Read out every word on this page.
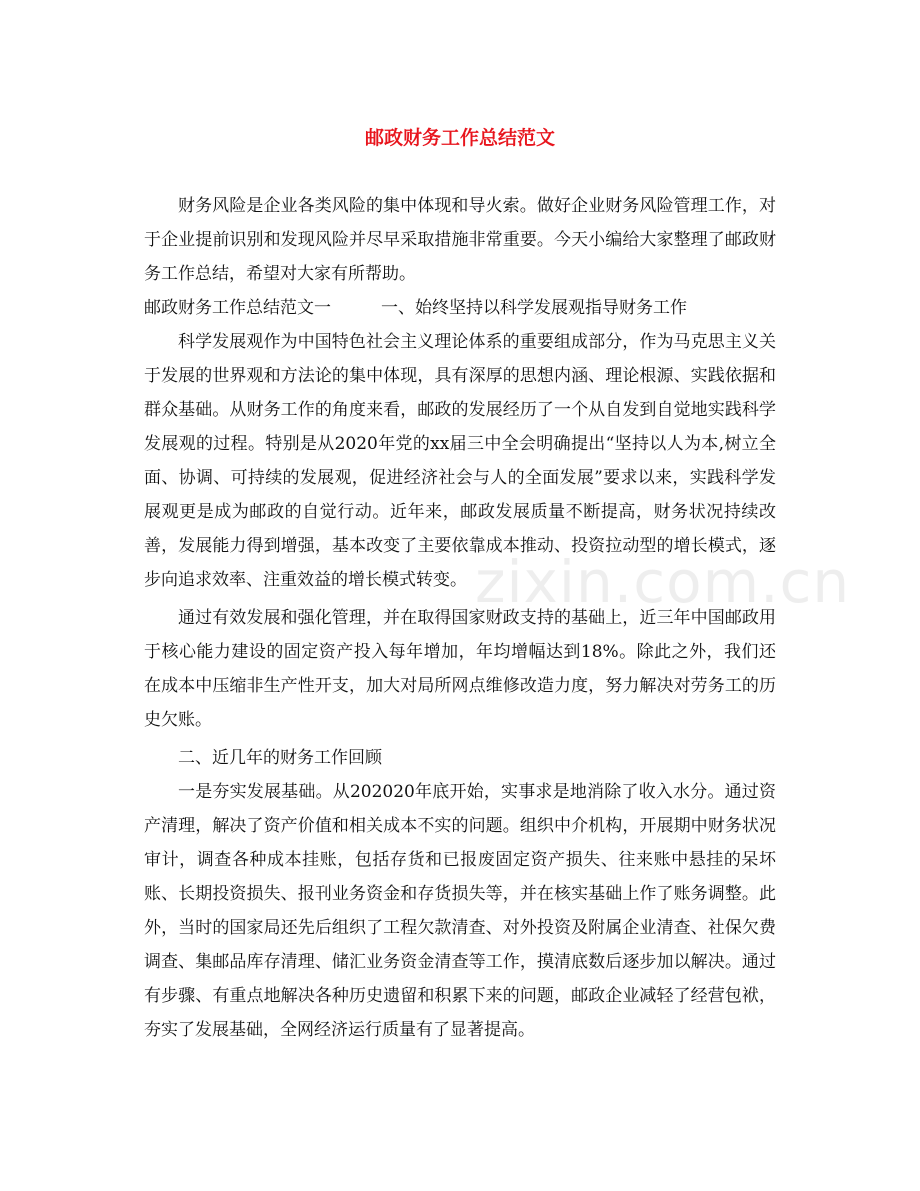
邮政财务工作总结范文
zixin.com.cn

财务风险是企业各类风险的集中体现和导火索。做好企业财务风险管理工作，对于企业提前识别和发现风险并尽早采取措施非常重要。今天小编给大家整理了邮政财务工作总结，希望对大家有所帮助。

邮政财务工作总结范文一	一、始终坚持以科学发展观指导财务工作

科学发展观作为中国特色社会主义理论体系的重要组成部分，作为马克思主义关于发展的世界观和方法论的集中体现，具有深厚的思想内涵、理论根源、实践依据和群众基础。从财务工作的角度来看，邮政的发展经历了一个从自发到自觉地实践科学发展观的过程。特别是从2020年党的xx届三中全会明确提出“坚持以人为本,树立全面、协调、可持续的发展观，促进经济社会与人的全面发展”要求以来，实践科学发展观更是成为邮政的自觉行动。近年来，邮政发展质量不断提高，财务状况持续改善，发展能力得到增强，基本改变了主要依靠成本推动、投资拉动型的增长模式，逐步向追求效率、注重效益的增长模式转变。

通过有效发展和强化管理，并在取得国家财政支持的基础上，近三年中国邮政用于核心能力建设的固定资产投入每年增加，年均增幅达到18%。除此之外，我们还在成本中压缩非生产性开支，加大对局所网点维修改造力度，努力解决对劳务工的历史欠账。

二、近几年的财务工作回顾

一是夯实发展基础。从202020年底开始，实事求是地消除了收入水分。通过资产清理，解决了资产价值和相关成本不实的问题。组织中介机构，开展期中财务状况审计，调查各种成本挂账，包括存货和已报废固定资产损失、往来账中悬挂的呆坏账、长期投资损失、报刊业务资金和存货损失等，并在核实基础上作了账务调整。此外，当时的国家局还先后组织了工程欠款清查、对外投资及附属企业清查、社保欠费调查、集邮品库存清理、储汇业务资金清查等工作，摸清底数后逐步加以解决。通过有步骤、有重点地解决各种历史遗留和积累下来的问题，邮政企业减轻了经营包袱，夯实了发展基础，全网经济运行质量有了显著提高。
